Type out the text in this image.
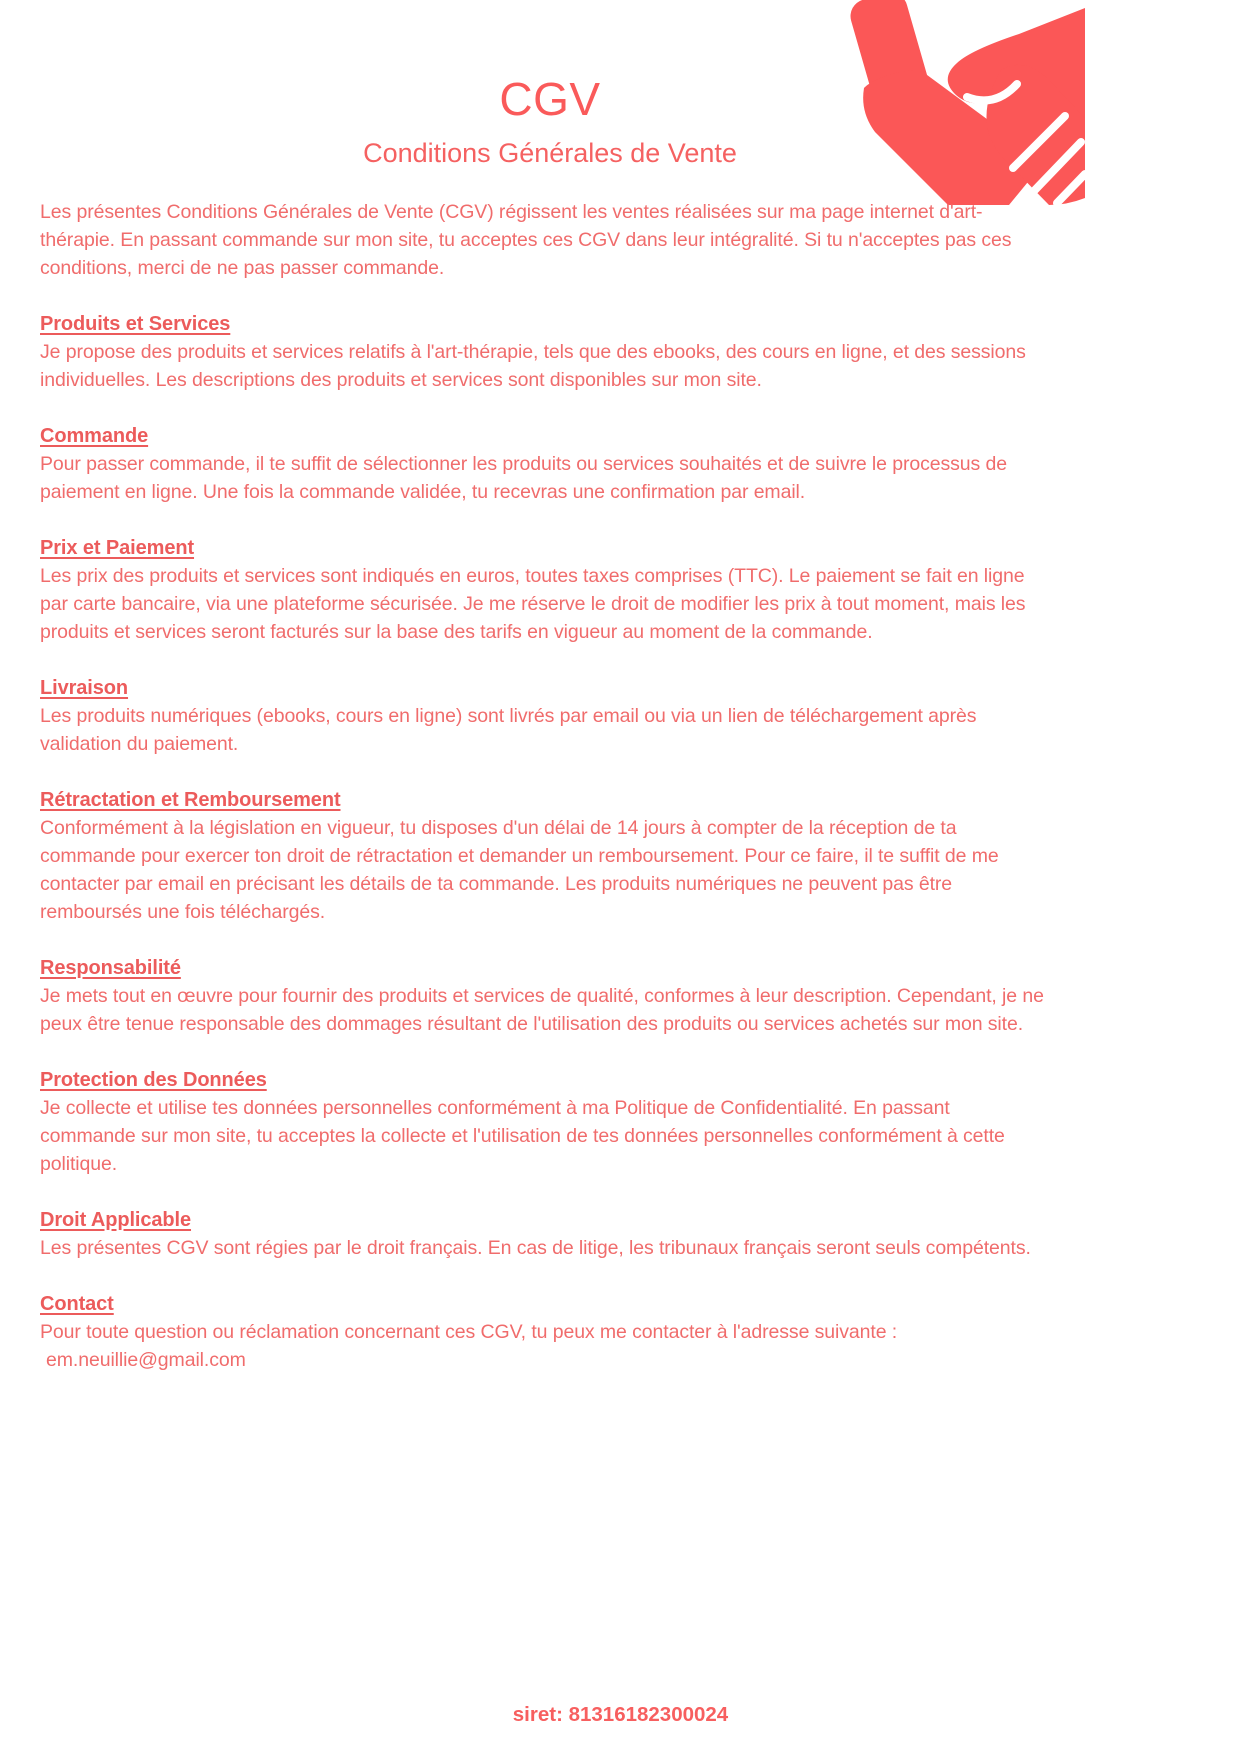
CGV
Conditions Générales de Vente

Les présentes Conditions Générales de Vente (CGV) régissent les ventes réalisées sur ma page internet d'art-thérapie. En passant commande sur mon site, tu acceptes ces CGV dans leur intégralité. Si tu n'acceptes pas ces conditions, merci de ne pas passer commande.

Produits et Services

Je propose des produits et services relatifs à l'art-thérapie, tels que des ebooks, des cours en ligne, et des sessions individuelles. Les descriptions des produits et services sont disponibles sur mon site.

Commande

Pour passer commande, il te suffit de sélectionner les produits ou services souhaités et de suivre le processus de paiement en ligne. Une fois la commande validée, tu recevras une confirmation par email.

Prix et Paiement

Les prix des produits et services sont indiqués en euros, toutes taxes comprises (TTC). Le paiement se fait en ligne par carte bancaire, via une plateforme sécurisée. Je me réserve le droit de modifier les prix à tout moment, mais les produits et services seront facturés sur la base des tarifs en vigueur au moment de la commande.

Livraison

Les produits numériques (ebooks, cours en ligne) sont livrés par email ou via un lien de téléchargement après validation du paiement.

Rétractation et Remboursement

Conformément à la législation en vigueur, tu disposes d'un délai de 14 jours à compter de la réception de ta commande pour exercer ton droit de rétractation et demander un remboursement. Pour ce faire, il te suffit de me contacter par email en précisant les détails de ta commande. Les produits numériques ne peuvent pas être remboursés une fois téléchargés.

Responsabilité

Je mets tout en œuvre pour fournir des produits et services de qualité, conformes à leur description. Cependant, je ne peux être tenue responsable des dommages résultant de l'utilisation des produits ou services achetés sur mon site.

Protection des Données

Je collecte et utilise tes données personnelles conformément à ma Politique de Confidentialité. En passant commande sur mon site, tu acceptes la collecte et l'utilisation de tes données personnelles conformément à cette politique.

Droit Applicable

Les présentes CGV sont régies par le droit français. En cas de litige, les tribunaux français seront seuls compétents.

Contact

Pour toute question ou réclamation concernant ces CGV, tu peux me contacter à l'adresse suivante :

em.neuillie@gmail.com

siret: 81316182300024
